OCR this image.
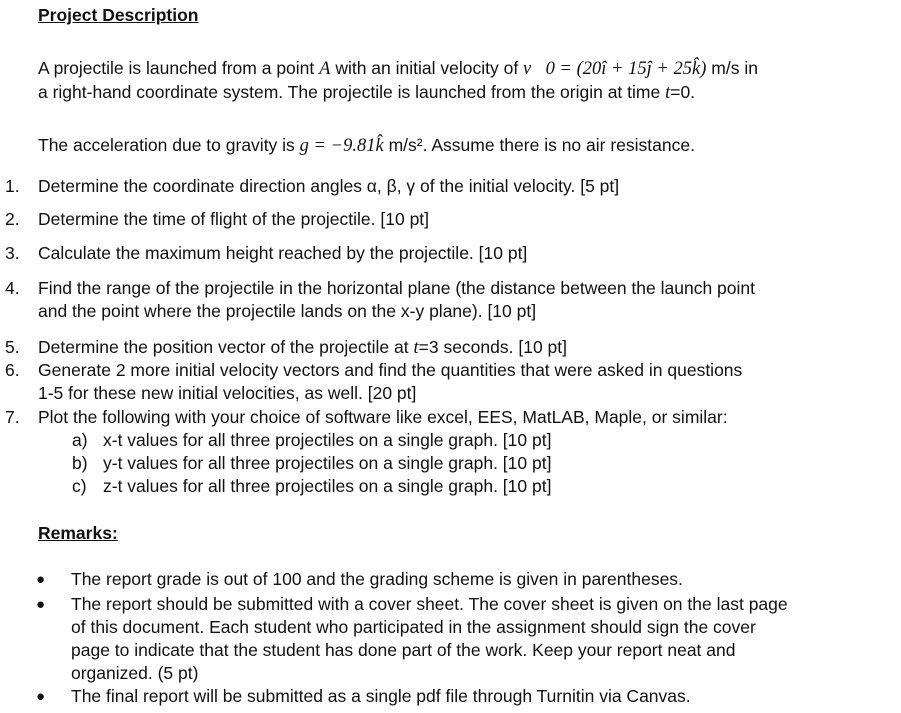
Project Description
A projectile is launched from a point A with an initial velocity of v⃗0 = (20î + 15ĵ + 25k̂) m/s in
a right-hand coordinate system. The projectile is launched from the origin at time t=0.
The acceleration due to gravity is g = −9.81k̂ m/s². Assume there is no air resistance.
1.	Determine the coordinate direction angles α, β, γ of the initial velocity. [5 pt]
2.	Determine the time of flight of the projectile. [10 pt]
3.	Calculate the maximum height reached by the projectile. [10 pt]
4.	Find the range of the projectile in the horizontal plane (the distance between the launch point
and the point where the projectile lands on the x-y plane). [10 pt]
5.	Determine the position vector of the projectile at t=3 seconds. [10 pt]
6.	Generate 2 more initial velocity vectors and find the quantities that were asked in questions
1-5 for these new initial velocities, as well. [20 pt]
7.	Plot the following with your choice of software like excel, EES, MatLAB, Maple, or similar:
a) x-t values for all three projectiles on a single graph. [10 pt]
b) y-t values for all three projectiles on a single graph. [10 pt]
c) z-t values for all three projectiles on a single graph. [10 pt]
Remarks:
● The report grade is out of 100 and the grading scheme is given in parentheses.
● The report should be submitted with a cover sheet. The cover sheet is given on the last page
of this document. Each student who participated in the assignment should sign the cover
page to indicate that the student has done part of the work. Keep your report neat and
organized. (5 pt)
● The final report will be submitted as a single pdf file through Turnitin via Canvas.
